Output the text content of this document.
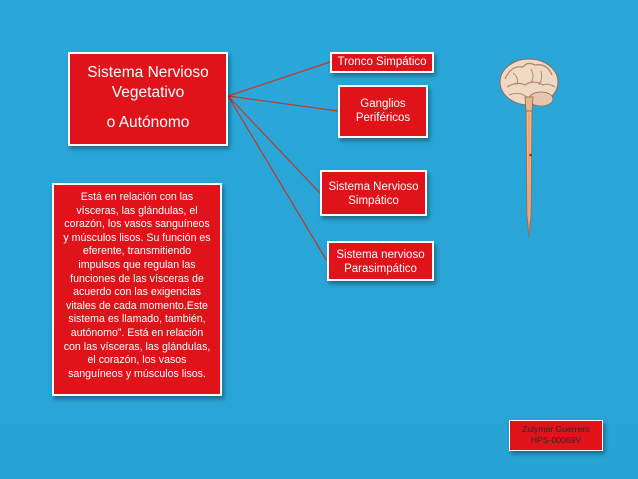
Sistema Nervioso
Vegetativo
o Autónomo
Tronco Simpático
Ganglios
Periféricos
Sistema Nervioso
Simpático
Sistema nervioso
Parasimpático
Está en relación con las
vísceras, las glándulas, el
corazón, los vasos sanguíneos
y músculos lisos. Su función es
eferente, transmitiendo
impulsos que regulan las
funciones de las vísceras de
acuerdo con las exigencias
vitales de cada momento.Este
sistema es llamado, también,
autónomo”. Está en relación
con las vísceras, las glándulas,
el corazón, los vasos
sanguíneos y músculos lisos.
Zulymar Guerrero
HPS-00069V
